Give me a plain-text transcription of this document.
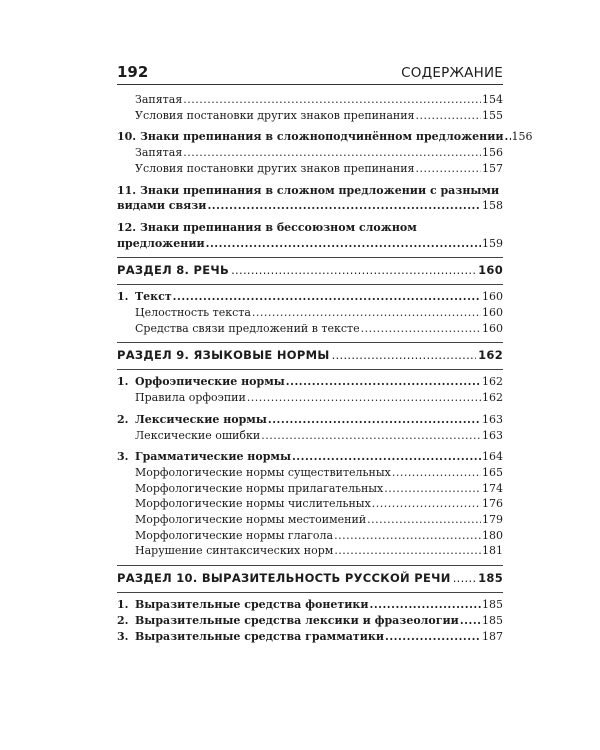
192	СОДЕРЖАНИЕ
Запятая .....	154
Условия постановки других знаков препинания .....	155
10. Знаки препинания в сложноподчинённом предложении ..... 156
Запятая .....	156
Условия постановки других знаков препинания .....	157
11. Знаки препинания в сложном предложении с разными
видами связи .....	158
12. Знаки препинания в бессоюзном сложном
предложении .....	159
РАЗДЕЛ 8. РЕЧЬ .....	160
1. Текст .....	160
Целостность текста .....	160
Средства связи предложений в тексте .....	160
РАЗДЕЛ 9. ЯЗЫКОВЫЕ НОРМЫ .....	162
1. Орфоэпические нормы .....	162
Правила орфоэпии .....	162
2. Лексические нормы .....	163
Лексические ошибки .....	163
3. Грамматические нормы .....	164
Морфологические нормы существительных .....	165
Морфологические нормы прилагательных .....	174
Морфологические нормы числительных .....	176
Морфологические нормы местоимений .....	179
Морфологические нормы глагола .....	180
Нарушение синтаксических норм .....	181
РАЗДЕЛ 10. ВЫРАЗИТЕЛЬНОСТЬ РУССКОЙ РЕЧИ ..... 185
1. Выразительные средства фонетики .....	185
2. Выразительные средства лексики и фразеологии ..... 185
3. Выразительные средства грамматики .....	187
